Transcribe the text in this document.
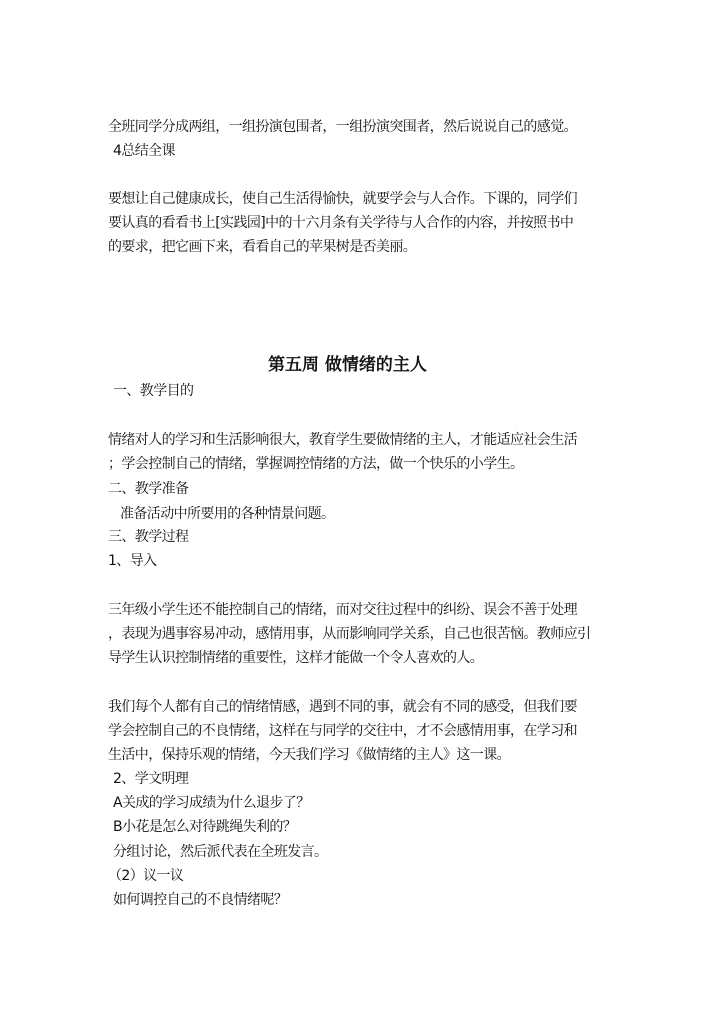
全班同学分成两组，一组扮演包围者，一组扮演突围者，然后说说自己的感觉。
4总结全课
要想让自己健康成长，使自己生活得愉快，就要学会与人合作。下课的，同学们
要认真的看看书上[实践园]中的十六月条有关学待与人合作的内容，并按照书中
的要求，把它画下来，看看自己的苹果树是否美丽。
第五周 做情绪的主人
一、教学目的
情绪对人的学习和生活影响很大，教育学生要做情绪的主人，才能适应社会生活
；学会控制自己的情绪，掌握调控情绪的方法，做一个快乐的小学生。
二、教学准备
准备活动中所要用的各种情景问题。
三、教学过程
1、导入
三年级小学生还不能控制自己的情绪，而对交往过程中的纠纷、误会不善于处理
，表现为遇事容易冲动，感情用事，从而影响同学关系，自己也很苦恼。教师应引
导学生认识控制情绪的重要性，这样才能做一个令人喜欢的人。
我们每个人都有自己的情绪情感，遇到不同的事，就会有不同的感受，但我们要
学会控制自己的不良情绪，这样在与同学的交往中，才不会感情用事，在学习和
生活中，保持乐观的情绪，今天我们学习《做情绪的主人》这一课。
2、学文明理
A关成的学习成绩为什么退步了？
B小花是怎么对待跳绳失利的？
分组讨论，然后派代表在全班发言。
（2）议一议
如何调控自己的不良情绪呢？
